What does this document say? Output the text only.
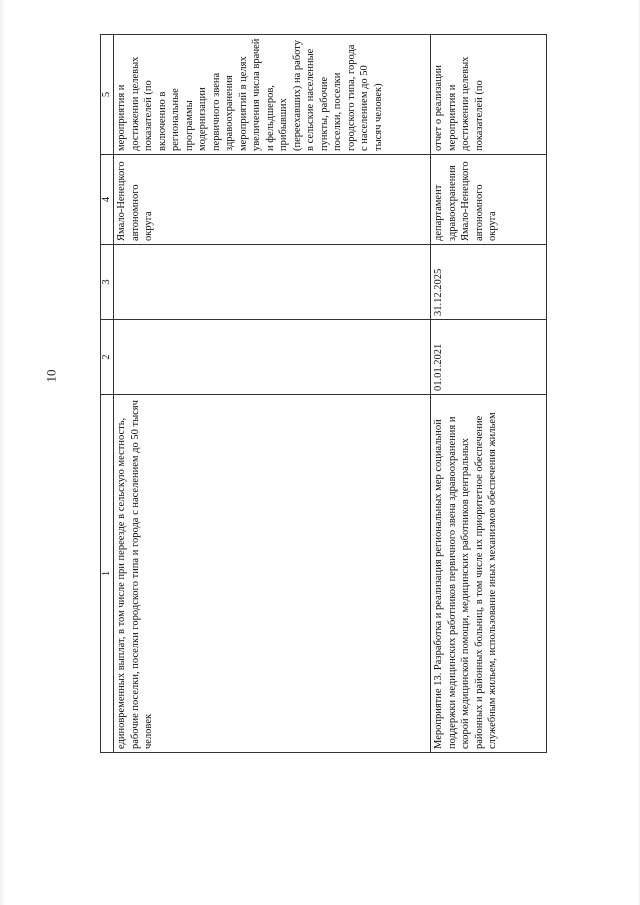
10
1	2	3	4	5
единовременных выплат, в том числе при переезде в сельскую местность, рабочие поселки, поселки городского типа и города с населением до 50 тысяч человек			Ямало-Ненецкого автономного округа	мероприятия и достижении целевых показателей (по включению в региональные программы модернизации первичного звена здравоохранения мероприятий в целях увеличения числа врачей и фельдшеров, прибывших (переехавших) на работу в сельские населенные пункты, рабочие поселки, поселки городского типа, города с населением до 50 тысяч человек)
Мероприятие 13. Разработка и реализация региональных мер социальной поддержки медицинских работников первичного звена здравоохранения и скорой медицинской помощи, медицинских работников центральных районных и районных больниц, в том числе их приоритетное обеспечение служебным жильем, использование иных механизмов обеспечения жильем	01.01.2021	31.12.2025	департамент здравоохранения Ямало-Ненецкого автономного округа	отчет о реализации мероприятия и достижении целевых показателей (по
